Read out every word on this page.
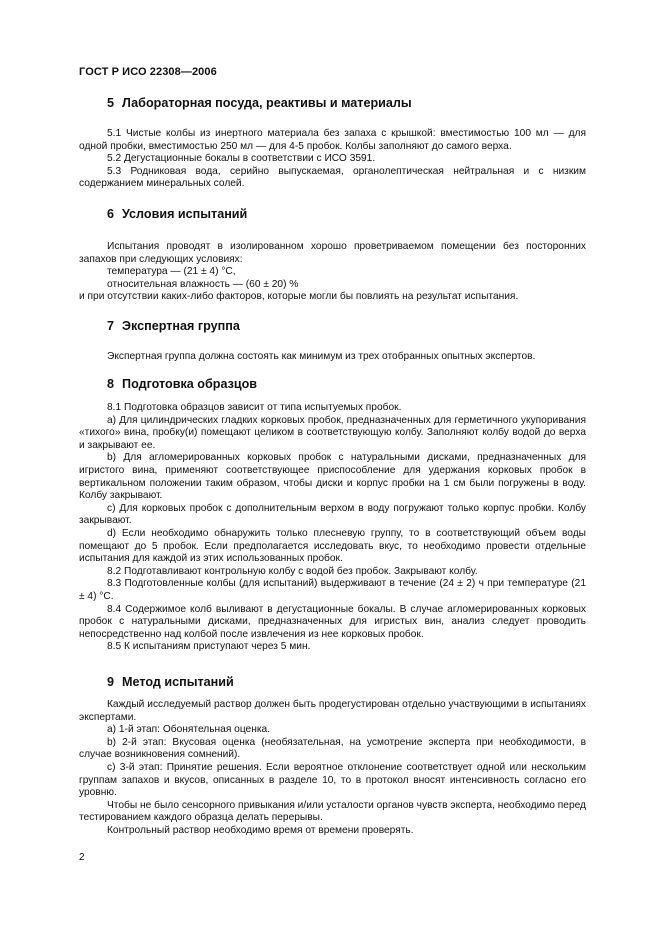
ГОСТ Р ИСО 22308—2006
5 Лабораторная посуда, реактивы и материалы

5.1 Чистые колбы из инертного материала без запаха с крышкой: вместимостью 100 мл — для одной пробки, вместимостью 250 мл — для 4-5 пробок. Колбы заполняют до самого верха.

5.2 Дегустационные бокалы в соответствии с ИСО 3591.

5.3 Родниковая вода, серийно выпускаемая, органолептическая нейтральная и с низким содержанием минеральных солей.

6 Условия испытаний

Испытания проводят в изолированном хорошо проветриваемом помещении без посторонних запахов при следующих условиях:

температура — (21 ± 4) °С,

относительная влажность — (60 ± 20) %

и при отсутствии каких-либо факторов, которые могли бы повлиять на результат испытания.

7 Экспертная группа

Экспертная группа должна состоять как минимум из трех отобранных опытных экспертов.

8 Подготовка образцов

8.1 Подготовка образцов зависит от типа испытуемых пробок.

a) Для цилиндрических гладких корковых пробок, предназначенных для герметичного укупоривания «тихого» вина, пробку(и) помещают целиком в соответствующую колбу. Заполняют колбу водой до верха и закрывают ее.

b) Для агломерированных корковых пробок с натуральными дисками, предназначенных для игристого вина, применяют соответствующее приспособление для удержания корковых пробок в вертикальном положении таким образом, чтобы диски и корпус пробки на 1 см были погружены в воду. Колбу закрывают.

c) Для корковых пробок с дополнительным верхом в воду погружают только корпус пробки. Колбу закрывают.

d) Если необходимо обнаружить только плесневую группу, то в соответствующий объем воды помещают до 5 пробок. Если предполагается исследовать вкус, то необходимо провести отдельные испытания для каждой из этих использованных пробок.

8.2 Подготавливают контрольную колбу с водой без пробок. Закрывают колбу.

8.3 Подготовленные колбы (для испытаний) выдерживают в течение (24 ± 2) ч при температуре (21 ± 4) °С.

8.4 Содержимое колб выливают в дегустационные бокалы. В случае агломерированных корковых пробок с натуральными дисками, предназначенных для игристых вин, анализ следует проводить непосредственно над колбой после извлечения из нее корковых пробок.

8.5 К испытаниям приступают через 5 мин.

9 Метод испытаний

Каждый исследуемый раствор должен быть продегустирован отдельно участвующими в испытаниях экспертами.

a) 1-й этап: Обонятельная оценка.

b) 2-й этап: Вкусовая оценка (необязательная, на усмотрение эксперта при необходимости, в случае возникновения сомнений).

c) 3-й этап: Принятие решения. Если вероятное отклонение соответствует одной или нескольким группам запахов и вкусов, описанных в разделе 10, то в протокол вносят интенсивность согласно его уровню.

Чтобы не было сенсорного привыкания и/или усталости органов чувств эксперта, необходимо перед тестированием каждого образца делать перерывы.

Контрольный раствор необходимо время от времени проверять.

2
